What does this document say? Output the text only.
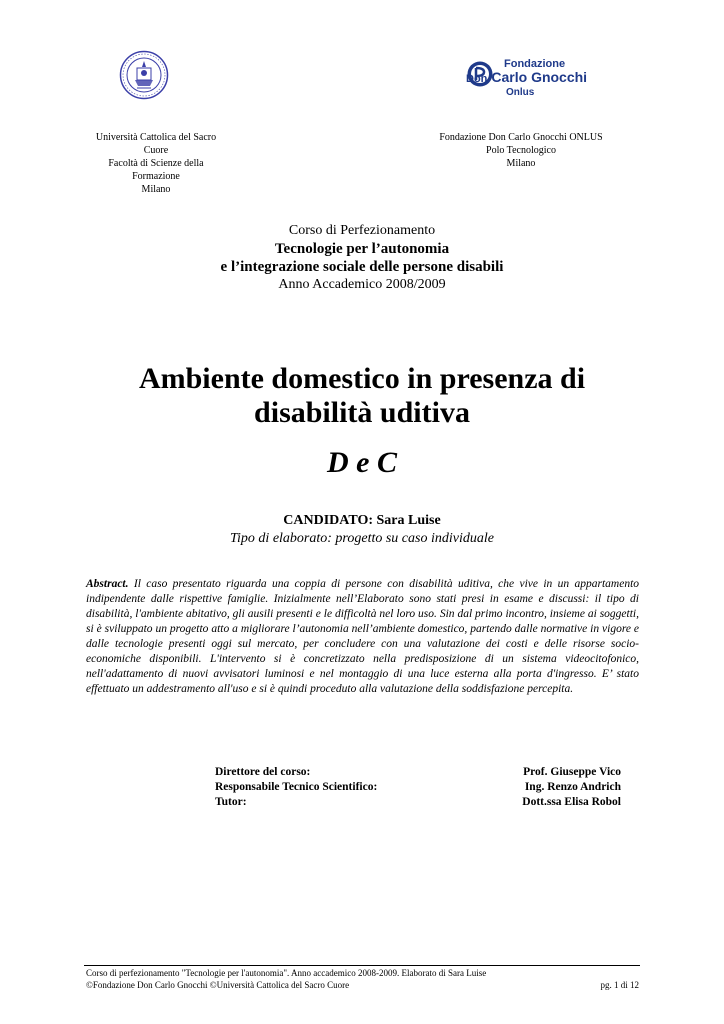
Fondazione
Don Carlo Gnocchi
Onlus
Università Cattolica del Sacro Cuore
Facoltà di Scienze della Formazione
Milano
Fondazione Don Carlo Gnocchi ONLUS
Polo Tecnologico
Milano
Corso di Perfezionamento
Tecnologie per l’autonomia
e l’integrazione sociale delle persone disabili
Anno Accademico 2008/2009
Ambiente domestico in presenza di
disabilità uditiva
D e C
CANDIDATO: Sara Luise
Tipo di elaborato: progetto su caso individuale
Abstract. Il caso presentato riguarda una coppia di persone con disabilità uditiva, che vive in un appartamento indipendente dalle rispettive famiglie. Inizialmente nell’Elaborato sono stati presi in esame e discussi: il tipo di disabilità, l'ambiente abitativo, gli ausili presenti e le difficoltà nel loro uso. Sin dal primo incontro, insieme ai soggetti, si è sviluppato un progetto atto a migliorare l’autonomia nell’ambiente domestico, partendo dalle normative in vigore e dalle tecnologie presenti oggi sul mercato, per concludere con una valutazione dei costi e delle risorse socio-economiche disponibili. L'intervento si è concretizzato nella predisposizione di un sistema videocitofonico, nell'adattamento di nuovi avvisatori luminosi e nel montaggio di una luce esterna alla porta d'ingresso. E’ stato effettuato un addestramento all'uso e si è quindi proceduto alla valutazione della soddisfazione percepita.
Direttore del corso:
Responsabile Tecnico Scientifico:
Tutor:
Prof. Giuseppe Vico
Ing. Renzo Andrich
Dott.ssa Elisa Robol
Corso di perfezionamento "Tecnologie per l'autonomia". Anno accademico 2008-2009. Elaborato di Sara Luise
©Fondazione Don Carlo Gnocchi ©Università Cattolica del Sacro Cuore	pg. 1 di 12
